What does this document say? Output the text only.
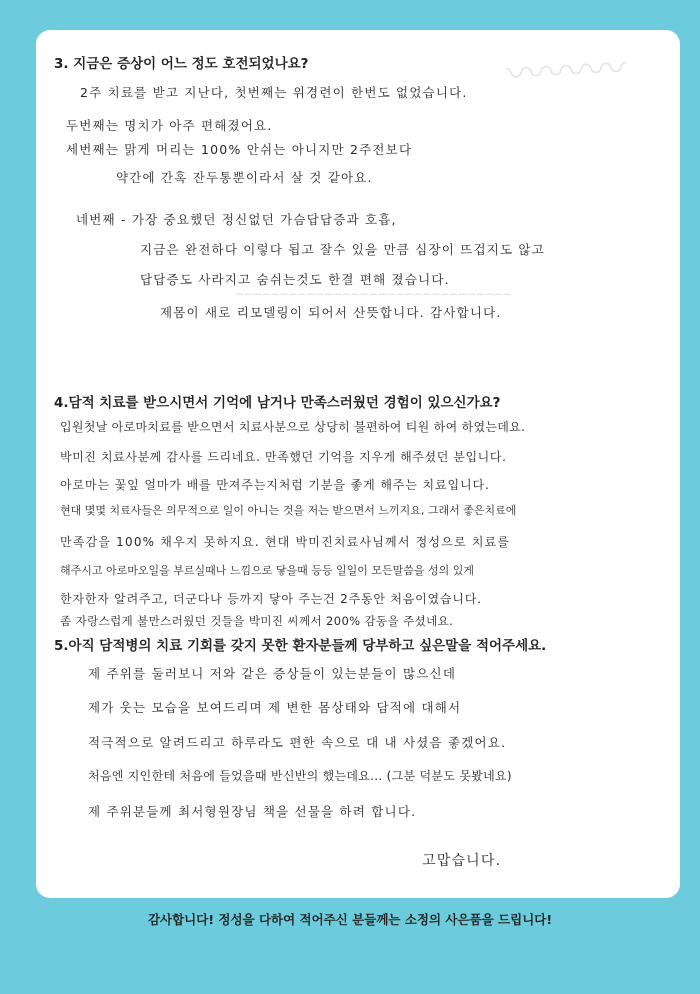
〰〰〰
▔▔▔▔▔▔▔▔▔▔▔▔▔▔▔▔▔▔▔▔▔▔▔▔▔▔▔▔▔▔▔
3. 지금은 증상이 어느 정도 호전되었나요?
2주 치료를 받고 지난다, 첫번째는 위경련이 한번도 없었습니다.
두번째는 명치가 아주 편해졌어요.
세번째는 맑게 머리는 100% 안쉬는 아니지만 2주전보다
약간에 간혹 잔두통뿐이라서 살 것 같아요.
네번째 - 가장 중요했던 정신없던 가슴답답증과 호흡,
지금은 완전하다 이렇다 됩고 잘수 있을 만큼 심장이 뜨겁지도 않고
답답증도 사라지고 숨쉬는것도 한결 편해 졌습니다.
제몸이 새로 리모델링이 되어서 산뜻합니다. 감사합니다.
4.담적 치료를 받으시면서 기억에 남거나 만족스러웠던 경험이 있으신가요?
입원첫날 아로마치료를 받으면서 치료사분으로 상당히 불편하여 티원 하여 하였는데요.
박미진 치료사분께 감사를 드리네요. 만족했던 기억을 지우게 해주셨던 분입니다.
아로마는 꽃잎 얼마가 배를 만져주는지처럼 기분을 좋게 해주는 치료입니다.
현대 몇몇 치료사들은 의무적으로 일이 아니는 것을 저는 받으면서 느끼지요, 그래서 좋은치료에
만족감을 100% 채우지 못하지요. 현대 박미진치료사님께서 정성으로 치료를
해주시고 아로마오일을 부르실때나 느낌으로 닿을때 등등 일일이 모든말씀을 성의 있게
한자한자 알려주고, 더군다나 등까지 닿아 주는건 2주동안 처음이였습니다.
좀 자랑스럽게 불만스러웠던 것들을 박미진 씨께서 200% 감동을 주셨네요.
5.아직 담적병의 치료 기회를 갖지 못한 환자분들께 당부하고 싶은말을 적어주세요.
제 주위를 둘러보니 저와 같은 증상들이 있는분들이 많으신데
제가 웃는 모습을 보여드리며 제 변한 몸상태와 담적에 대해서
적극적으로 알려드리고 하루라도 편한 속으로 대 내 사셨음 좋겠어요.
처음엔 지인한테 처음에 들었을때 반신반의 했는데요... (그분 덕분도 못봤네요)
제 주위분들께 최서형원장님 책을 선물을 하려 합니다.
고맙습니다.
감사합니다! 정성을 다하여 적어주신 분들께는 소정의 사은품을 드립니다!
